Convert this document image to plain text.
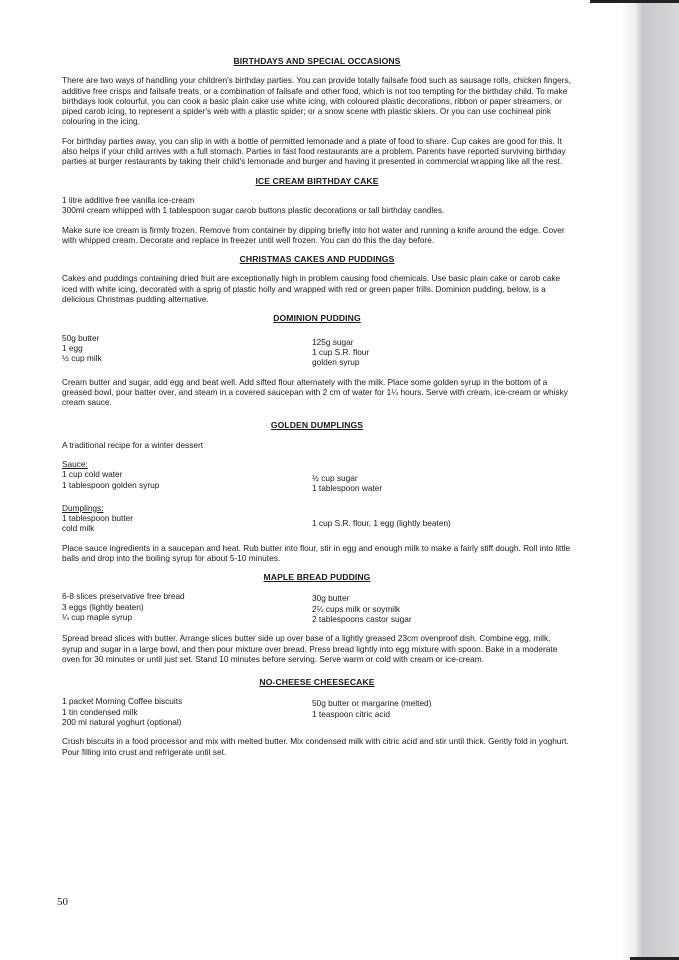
BIRTHDAYS AND SPECIAL OCCASIONS

There are two ways of handling your children's birthday parties. You can provide totally failsafe food such as sausage rolls, chicken fingers, additive free crisps and failsafe treats, or a combination of failsafe and other food, which is not too tempting for the birthday child. To make birthdays look colourful, you can cook a basic plain cake use white icing, with coloured plastic decorations, ribbon or paper streamers, or piped carob icing, to represent a spider's web with a plastic spider; or a snow scene with plastic skiers. Or you can use cochineal pink colouring in the icing.

For birthday parties away, you can slip in with a bottle of permitted lemonade and a plate of food to share. Cup cakes are good for this. It also helps if your child arrives with a full stomach. Parties in fast food restaurants are a problem. Parents have reported surviving birthday parties at burger restaurants by taking their child's lemonade and burger and having it presented in commercial wrapping like all the rest.

ICE CREAM BIRTHDAY CAKE

1 litre additive free vanilla ice-cream
300ml cream whipped with 1 tablespoon sugar carob buttons plastic decorations or tall birthday candles.

Make sure ice cream is firmly frozen. Remove from container by dipping briefly into hot water and running a knife around the edge. Cover with whipped cream. Decorate and replace in freezer until well frozen. You can do this the day before.

CHRISTMAS CAKES AND PUDDINGS

Cakes and puddings containing dried fruit are exceptionally high in problem causing food chemicals. Use basic plain cake or carob cake iced with white icing, decorated with a sprig of plastic holly and wrapped with red or green paper frills. Dominion pudding, below, is a delicious Christmas pudding alternative.

DOMINION PUDDING
50g butter
1 egg
½ cup milk
125g sugar
1 cup S.R. flour
golden syrup

Cream butter and sugar, add egg and beat well. Add sifted flour alternately with the milk. Place some golden syrup in the bottom of a greased bowl, pour batter over, and steam in a covered saucepan with 2 cm of water for 1¼ hours. Serve with cream, ice-cream or whisky cream sauce.

GOLDEN DUMPLINGS

A traditional recipe for a winter dessert

Sauce:
1 cup cold water
1 tablespoon golden syrup
½ cup sugar
1 tablespoon water
Dumplings:
1 tablespoon butter
cold milk
1 cup S.R. flour, 1 egg (lightly beaten)

Place sauce ingredients in a saucepan and heat. Rub butter into flour, stir in egg and enough milk to make a fairly stiff dough. Roll into little balls and drop into the boiling syrup for about 5-10 minutes.

MAPLE BREAD PUDDING
6-8 slices preservative free bread
3 eggs (lightly beaten)
¼ cup maple syrup
30g butter
2¼ cups milk or soymilk
2 tablespoons castor sugar

Spread bread slices with butter. Arrange slices butter side up over base of a lightly greased 23cm ovenproof dish. Combine egg, milk, syrup and sugar in a large bowl, and then pour mixture over bread. Press bread lightly into egg mixture with spoon. Bake in a moderate oven for 30 minutes or until just set. Stand 10 minutes before serving. Serve warm or cold with cream or ice-cream.

NO-CHEESE CHEESECAKE
1 packet Morning Coffee biscuits
1 tin condensed milk
200 ml natural yoghurt (optional)
50g butter or margarine (melted)
1 teaspoon citric acid

Crush biscuits in a food processor and mix with melted butter. Mix condensed milk with citric acid and stir until thick. Gently fold in yoghurt. Pour filling into crust and refrigerate until set.

50
